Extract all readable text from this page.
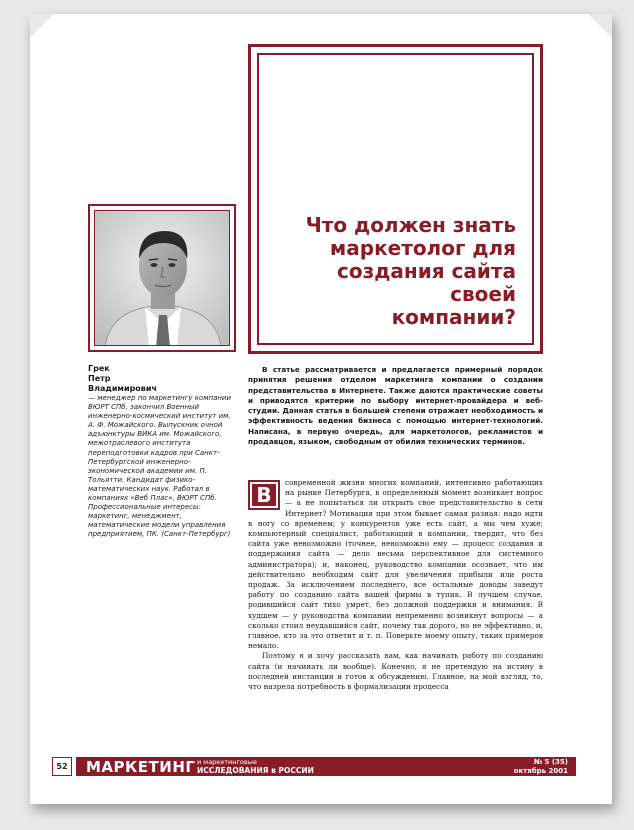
Что должен знать
маркетолог для
создания сайта своей
компании?

Грек
Петр
Владимирович

— менеджер по маркетингу компании ВЮРТ СПб, закончил Военный инженерно-космический институт им. А. Ф. Можайского. Выпускник очной адъюнктуры ВИКА им. Можайского, межотраслевого института переподготовки кадров при Санкт-Петербургской инженерно-экономической академии им. П. Тольятти. Кандидат физико-математических наук. Работал в компаниях «Веб Плас», ВЮРТ СПб. Профессиональные интересы: маркетинг, менеджмент, математические модели управления предприятием, ПК. (Санкт-Петербург)

В статье рассматривается и предлагается примерный порядок принятия решения отделом маркетинга компании о создании представительства в Интернете. Также даются практические советы и приводятся критерии по выбору интернет-провайдера и веб-студии. Данная статья в большей степени отражает необходимость и эффективность ведения бизнеса с помощью интернет-технологий. Написана, в первую очередь, для маркетологов, рекламистов и продавцов, языком, свободным от обилия технических терминов.

В
современной жизни многих компаний, интенсивно работающих на рынке Петербурга, в определенный момент возникает вопрос — а не попытаться ли открыть свое представительство в сети Интернет? Мотивация при этом бывает самая разная: надо идти в ногу со временем; у конкурентов уже есть сайт, а мы чем хуже; компьютерный специалист, работающий в компании, твердит, что без сайта уже невозможно (точнее, невозможно ему — процесс создания и поддержания сайта — дело весьма перспективное для системного администратора); и, наконец, руководство компании осознает, что им действительно необходим сайт для увеличения прибыли или роста продаж. За исключением последнего, все остальные доводы заведут работу по созданию сайта вашей фирмы в тупик. В лучшем случае, родившийся сайт тихо умрет, без должной поддержки и внимания. В худшем — у руководства компании непременно возникнут вопросы — а сколько стоил неудавшийся сайт, почему так дорого, но не эффективно, и, главное, кто за это ответит и т. п. Поверьте моему опыту, таких примеров немало.

Поэтому я и хочу рассказать вам, как начинать работу по созданию сайта (и начинать ли вообще). Конечно, я не претендую на истину в последней инстанции и готов к обсуждению. Главное, на мой взгляд, то, что назрела потребность в формализации процесса

52 МАРКЕТИНГ и маркетинговые
ИССЛЕДОВАНИЯ в РОССИИ
№ 5 (35)
октябрь 2001
